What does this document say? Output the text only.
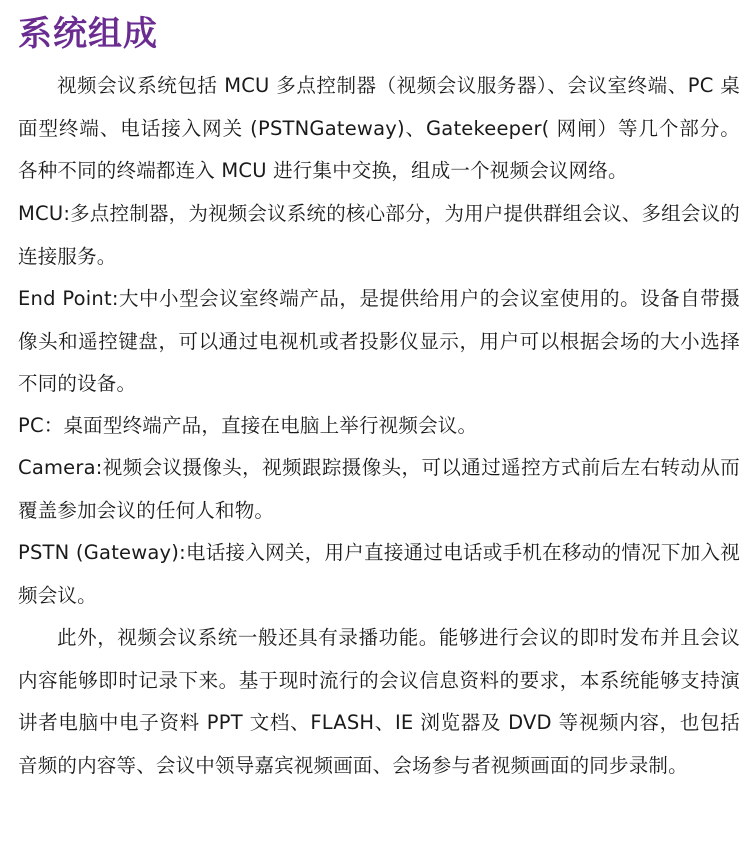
系统组成

视频会议系统包括 MCU 多点控制器（视频会议服务器）、会议室终端、PC 桌面型终端、电话接入网关 (PSTNGateway)、Gatekeeper( 网闸）等几个部分。各种不同的终端都连入 MCU 进行集中交换，组成一个视频会议网络。

MCU:多点控制器，为视频会议系统的核心部分，为用户提供群组会议、多组会议的连接服务。

End Point:大中小型会议室终端产品，是提供给用户的会议室使用的。设备自带摄像头和遥控键盘，可以通过电视机或者投影仪显示，用户可以根据会场的大小选择不同的设备。

PC：桌面型终端产品，直接在电脑上举行视频会议。

Camera:视频会议摄像头，视频跟踪摄像头，可以通过遥控方式前后左右转动从而覆盖参加会议的任何人和物。

PSTN (Gateway):电话接入网关，用户直接通过电话或手机在移动的情况下加入视频会议。

此外，视频会议系统一般还具有录播功能。能够进行会议的即时发布并且会议内容能够即时记录下来。基于现时流行的会议信息资料的要求，本系统能够支持演讲者电脑中电子资料 PPT 文档、FLASH、IE 浏览器及 DVD 等视频内容，也包括音频的内容等、会议中领导嘉宾视频画面、会场参与者视频画面的同步录制。
